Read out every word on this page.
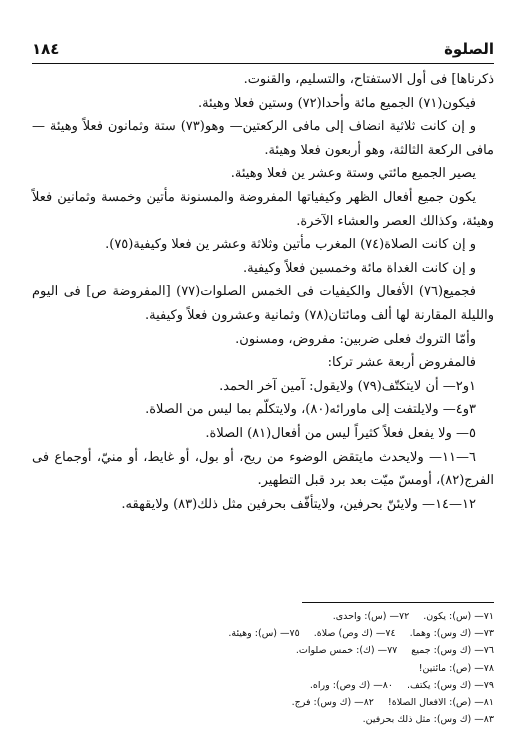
الصلوة
١٨٤

ذكرناها] فى أول الاستفتاح، والتسليم، والقنوت.

فيكون(٧١) الجميع مائة وأحدا(٧٢) وستين فعلا وهيئة.

و إن كانت ثلاثية انضاف إلى مافى الركعتين— وهو(٧٣) ستة وثمانون فعلاً وهيئة — مافى الركعة الثالثة، وهو أربعون فعلا وهيئة.

يصير الجميع مائتي وستة وعشر ين فعلا وهيئة.

يكون جميع أفعال الظهر وكيفياتها المفروضة والمسنونة مأتين وخمسة وثمانين فعلاً وهيئة، وكذالك العصر والعشاء الآخرة.

و إن كانت الصلاة(٧٤) المغرب مأتين وثلاثة وعشر ين فعلا وكيفية(٧٥).

و إن كانت الغداة مائة وخمسين فعلاً وكيفية.

فجميع(٧٦) الأفعال والكيفيات فى الخمس الصلوات(٧٧) [المفروضة ص] فى اليوم والليلة المقارنة لها ألف ومائتان(٧٨) وثمانية وعشرون فعلاً وكيفية.

وأمّا التروك فعلى ضربين: مفروض، ومسنون.

فالمفروض أربعة عشر تركا:

١و٢— أن لايتكتّف(٧٩) ولايقول: آمين آخر الحمد.

٣و٤— ولايلتفت إلى ماورائه(٨٠)، ولايتكلّم بما ليس من الصلاة.

٥— ولا يفعل فعلاً كثيراً ليس من أفعال(٨١) الصلاة.

٦—١١— ولايحدث مايتقض الوضوء من ريح، أو بول، أو غايط، أو منيّ، أوجماع فى الفرج(٨٢)، أومسّ ميّت بعد برد قبل التطهير.

١٢—١٤— ولايئنّ بحرفين، ولايتأفّف بحرفين مثل ذلك(٨٣) ولايقهقه.

٧١— (س): يكون.٧٢— (س): واحدى.
٧٣— (ك وس): وهما.٧٤— (ك وص) صلاة.٧٥— (س): وهيئة.
٧٦— (ك وس): جميع٧٧— (ك): خمس صلوات.
٧٨— (ص): مائتين!
٧٩— (ك وس): يكتف.٨٠— (ك وص): وراه.
٨١— (ص): الافعال الصلاة!٨٢— (ك وس): فرج.
٨٣— (ك وس): مثل ذلك بحرفين.
